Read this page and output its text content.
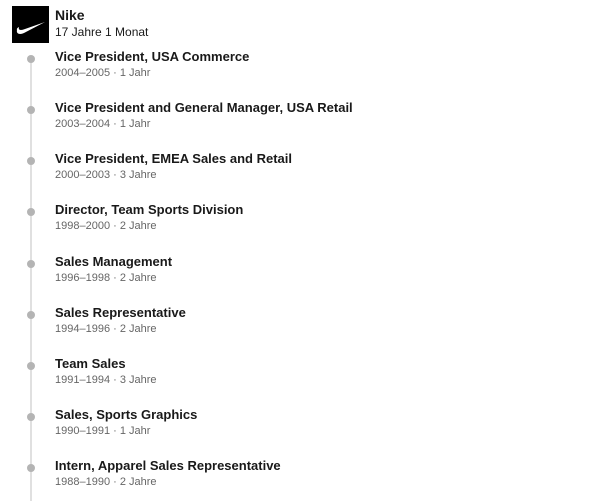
Nike
17 Jahre 1 Monat
Vice President, USA Commerce
2004–2005 · 1 Jahr
Vice President and General Manager, USA Retail
2003–2004 · 1 Jahr
Vice President, EMEA Sales and Retail
2000–2003 · 3 Jahre
Director, Team Sports Division
1998–2000 · 2 Jahre
Sales Management
1996–1998 · 2 Jahre
Sales Representative
1994–1996 · 2 Jahre
Team Sales
1991–1994 · 3 Jahre
Sales, Sports Graphics
1990–1991 · 1 Jahr
Intern, Apparel Sales Representative
1988–1990 · 2 Jahre
